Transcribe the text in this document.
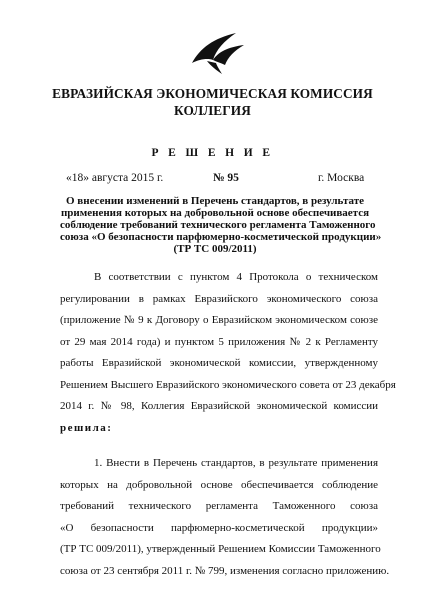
ЕВРАЗИЙСКАЯ ЭКОНОМИЧЕСКАЯ КОМИССИЯ
КОЛЛЕГИЯ
Р Е Ш Е Н И Е
«18» августа 2015 г.	№ 95	г. Москва
О внесении изменений в Перечень стандартов, в результате
применения которых на добровольной основе обеспечивается
соблюдение требований технического регламента Таможенного
союза «О безопасности парфюмерно-косметической продукции»
(ТР ТС 009/2011)
В соответствии с пунктом 4 Протокола о техническом
регулировании в рамках Евразийского экономического союза
(приложение № 9 к Договору о Евразийском экономическом союзе
от 29 мая 2014 года) и пунктом 5 приложения № 2 к Регламенту
работы Евразийской экономической комиссии, утвержденному
Решением Высшего Евразийского экономического совета от 23 декабря
2014 г. № 98, Коллегия Евразийской экономической комиссии
решила:
1. Внести в Перечень стандартов, в результате применения
которых на добровольной основе обеспечивается соблюдение
требований технического регламента Таможенного союза
«О безопасности парфюмерно-косметической продукции»
(ТР ТС 009/2011), утвержденный Решением Комиссии Таможенного
союза от 23 сентября 2011 г. № 799, изменения согласно приложению.
